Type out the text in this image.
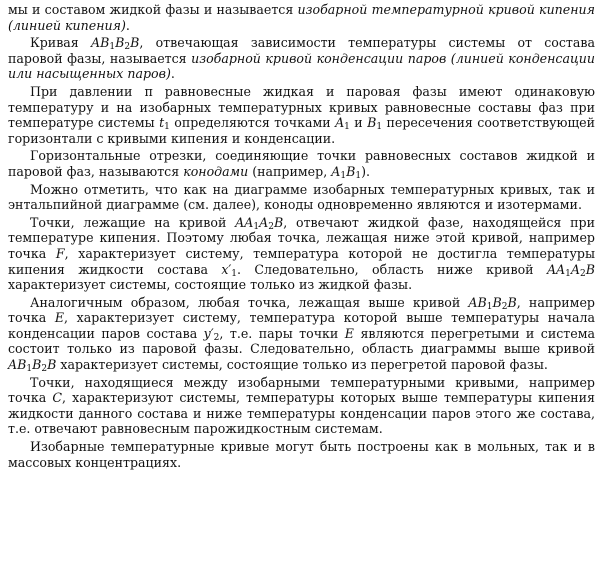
мы и составом жидкой фазы и называется изобарной температурной кривой кипения (линией кипения).

Кривая $AB_1B_2B$, отвечающая зависимости температуры системы от состава паровой фазы, называется изобарной кривой конденсации паров (линией конденсации или насыщенных паров).

При давлении π равновесные жидкая и паровая фазы имеют одинаковую температуру и на изобарных температурных кривых равновесные составы фаз при температуре системы $t_1$ определяются точками $A_1$ и $B_1$ пересечения соответствующей горизонтали с кривыми кипения и конденсации.

Горизонтальные отрезки, соединяющие точки равновесных составов жидкой и паровой фаз, называются конодами (например, $A_1B_1$).

Можно отметить, что как на диаграмме изобарных температурных кривых, так и энтальпийной диаграмме (см. далее), коноды одновременно являются и изотермами.

Точки, лежащие на кривой $AA_1A_2B$, отвечают жидкой фазе, находящейся при температуре кипения. Поэтому любая точка, лежащая ниже этой кривой, например точка F, характеризует систему, температура которой не достигла температуры кипения жидкости состава $x'_1$. Следовательно, область ниже кривой $AA_1A_2B$ характеризует системы, состоящие только из жидкой фазы.

Аналогичным образом, любая точка, лежащая выше кривой $AB_1B_2B$, например точка E, характеризует систему, температура которой выше температуры начала конденсации паров состава $y'_2$, т.е. пары точки E являются перегретыми и система состоит только из паровой фазы. Следовательно, область диаграммы выше кривой $AB_1B_2B$ характеризует системы, состоящие только из перегретой паровой фазы.

Точки, находящиеся между изобарными температурными кривыми, например точка C, характеризуют системы, температуры которых выше температуры кипения жидкости данного состава и ниже температуры конденсации паров этого же состава, т.е. отвечают равновесным парожидкостным системам.

Изобарные температурные кривые могут быть построены как в мольных, так и в массовых концентрациях.
